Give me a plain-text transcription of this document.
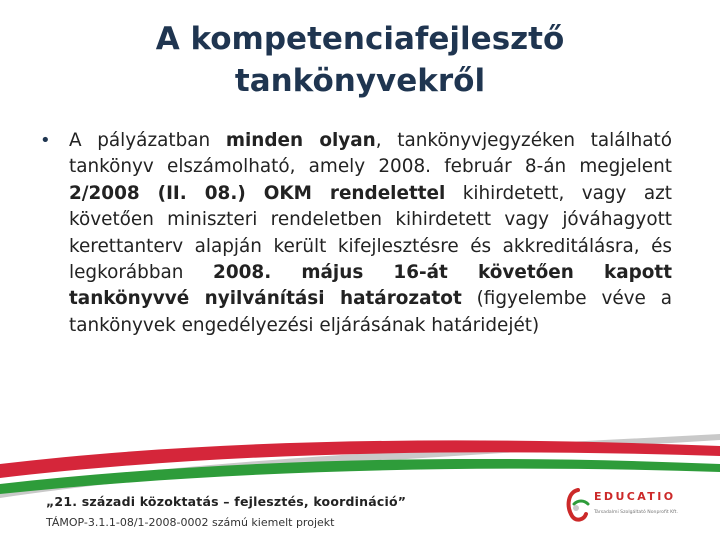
A kompetenciafejlesztő
tankönyvekről
• A pályázatban minden olyan, tankönyvjegyzéken található tankönyv elszámolható, amely 2008. február 8-án megjelent 2/2008 (II. 08.) OKM rendelettel kihirdetett, vagy azt követően miniszteri rendeletben kihirdetett vagy jóváhagyott kerettanterv alapján került kifejlesztésre és akkreditálásra, és legkorábban 2008. május 16-át követően kapott tankönyvvé nyilvánítási határozatot (figyelembe véve a tankönyvek engedélyezési eljárásának határidejét)
„21. századi közoktatás – fejlesztés, koordináció”
TÁMOP-3.1.1-08/1-2008-0002 számú kiemelt projekt
EDUCATIO
Társadalmi Szolgáltató Nonprofit Kft.
